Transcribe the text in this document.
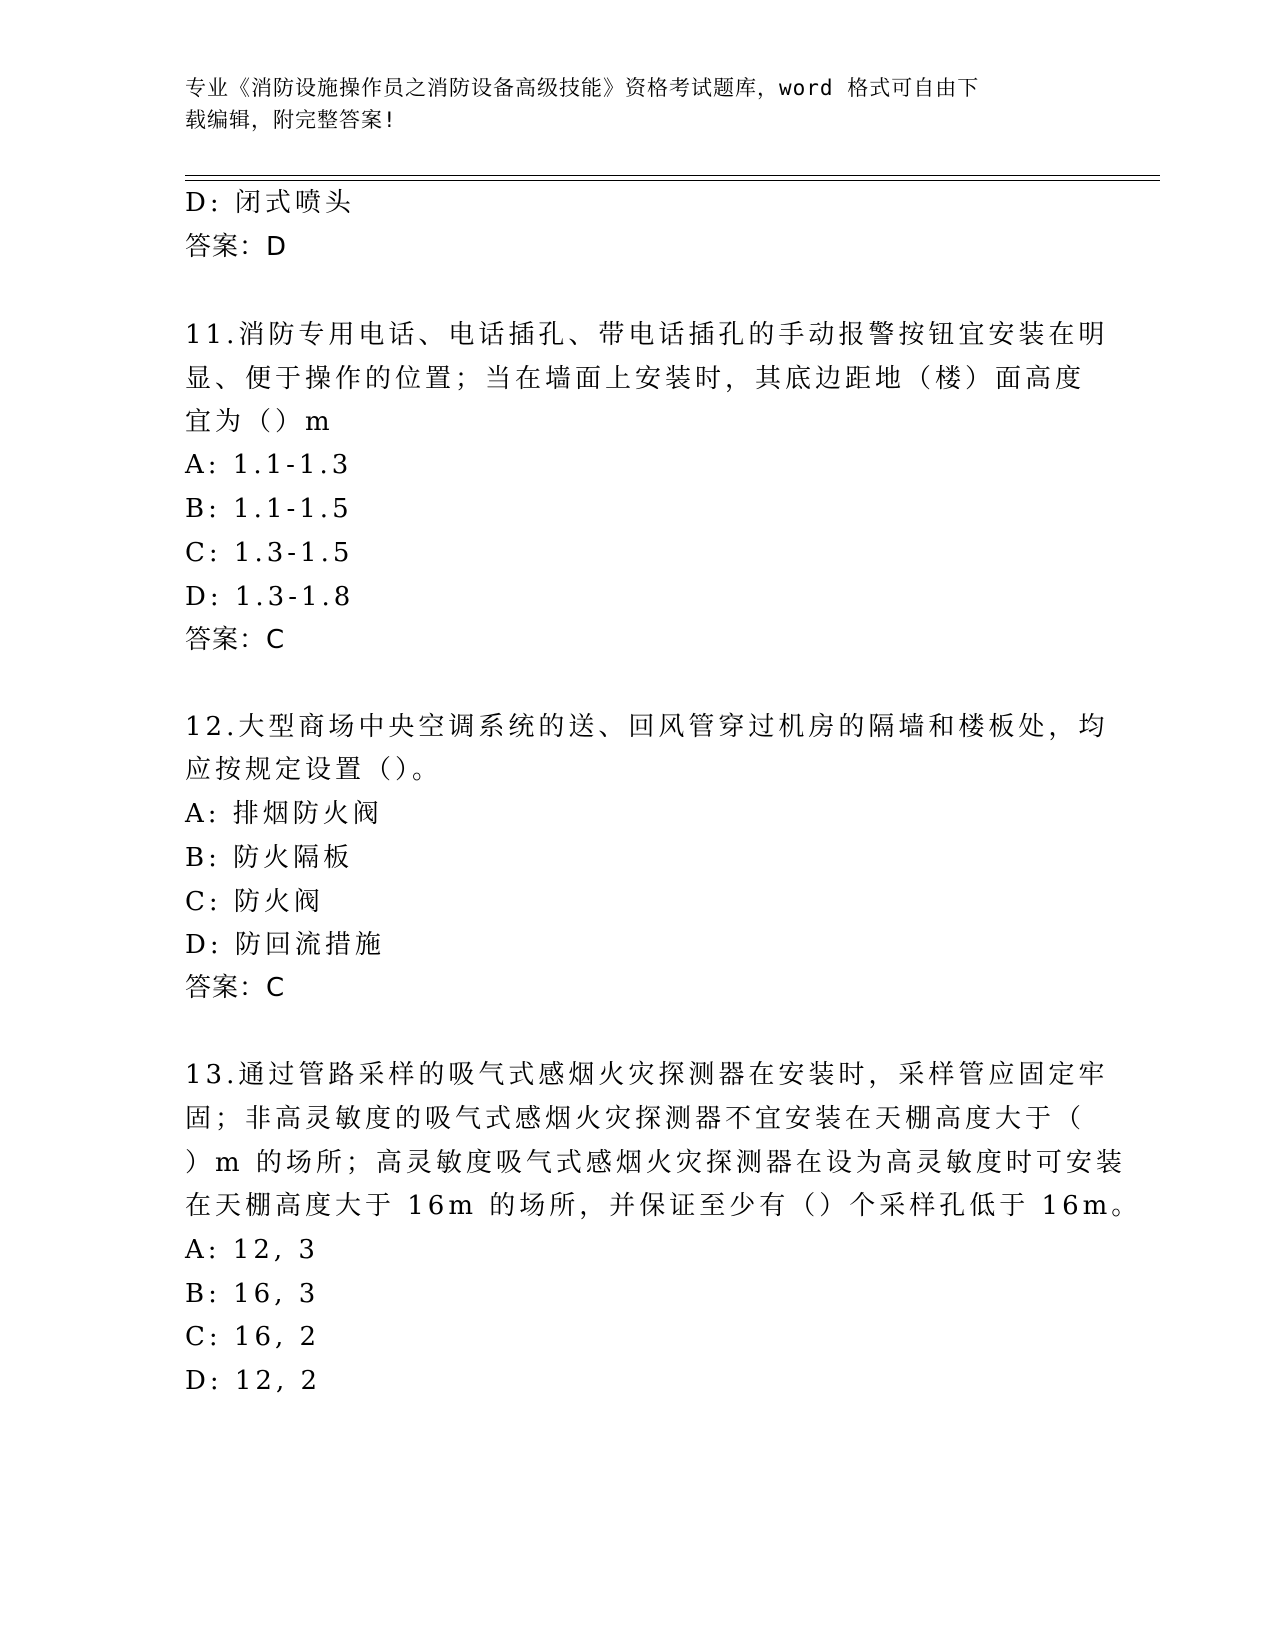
专业《消防设施操作员之消防设备高级技能》资格考试题库，word 格式可自由下
载编辑，附完整答案!
D: 闭式喷头
答案：D
11.消防专用电话、电话插孔、带电话插孔的手动报警按钮宜安装在明
显、便于操作的位置；当在墙面上安装时，其底边距地（楼）面高度
宜为（）m
A: 1.1-1.3
B: 1.1-1.5
C: 1.3-1.5
D: 1.3-1.8
答案：C
12.大型商场中央空调系统的送、回风管穿过机房的隔墙和楼板处，均
应按规定设置（）。
A: 排烟防火阀
B: 防火隔板
C: 防火阀
D: 防回流措施
答案：C
13.通过管路采样的吸气式感烟火灾探测器在安装时，采样管应固定牢
固；非高灵敏度的吸气式感烟火灾探测器不宜安装在天棚高度大于（
）m 的场所；高灵敏度吸气式感烟火灾探测器在设为高灵敏度时可安装
在天棚高度大于 16m 的场所，并保证至少有（）个采样孔低于 16m。
A: 12, 3
B: 16, 3
C: 16, 2
D: 12, 2
